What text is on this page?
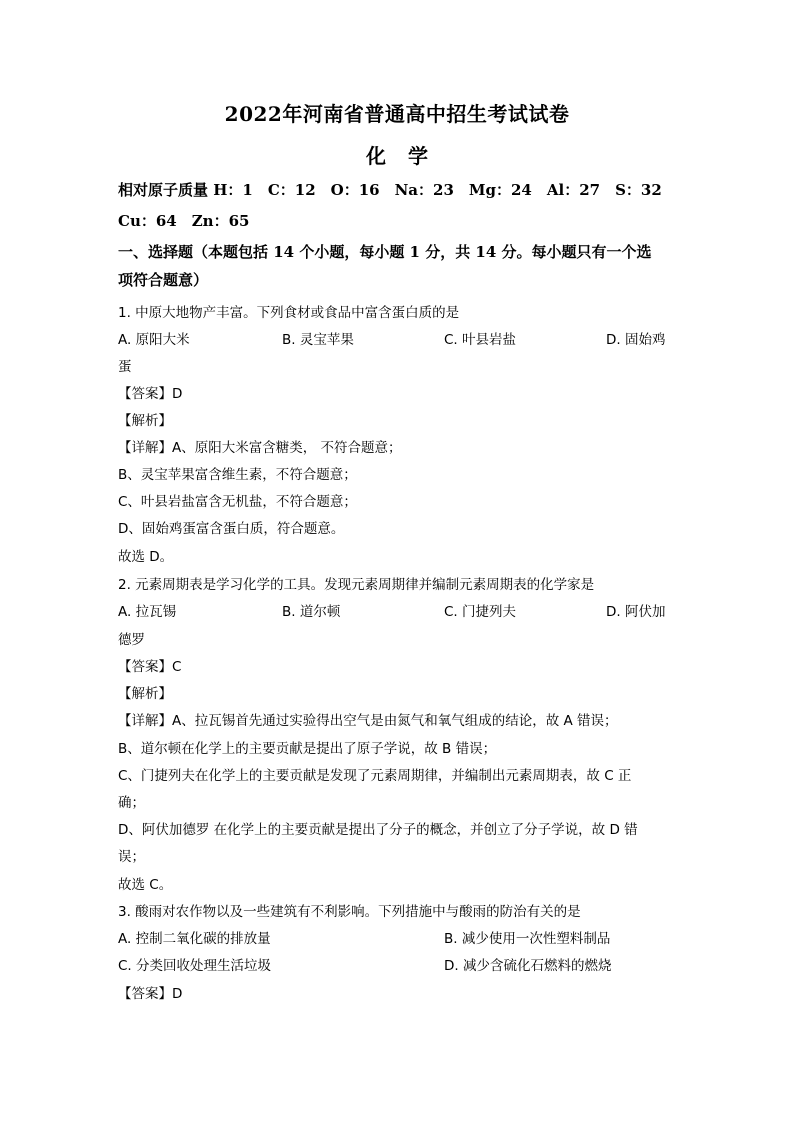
2022年河南省普通高中招生考试试卷
化学
相对原子质量 H：1　C：12　O：16　Na：23　Mg：24　Al：27　S：32
Cu：64　Zn：65
一、选择题（本题包括 14 个小题，每小题 1 分，共 14 分。每小题只有一个选
项符合题意）
1. 中原大地物产丰富。下列食材或食品中富含蛋白质的是
A. 原阳大米	B. 灵宝苹果	C. 叶县岩盐	D. 固始鸡
蛋
【答案】D
【解析】
【详解】A、原阳大米富含糖类， 不符合题意；
B、灵宝苹果富含维生素，不符合题意；
C、叶县岩盐富含无机盐，不符合题意；
D、固始鸡蛋富含蛋白质，符合题意。
故选 D。
2. 元素周期表是学习化学的工具。发现元素周期律并编制元素周期表的化学家是
A. 拉瓦锡	B. 道尔顿	C. 门捷列夫	D. 阿伏加
德罗
【答案】C
【解析】
【详解】A、拉瓦锡首先通过实验得出空气是由氮气和氧气组成的结论，故 A 错误；
B、道尔顿在化学上的主要贡献是提出了原子学说，故 B 错误；
C、门捷列夫在化学上的主要贡献是发现了元素周期律，并编制出元素周期表，故 C 正
确；
D、阿伏加德罗 在化学上的主要贡献是提出了分子的概念，并创立了分子学说，故 D 错
误；
故选 C。
3. 酸雨对农作物以及一些建筑有不利影响。下列措施中与酸雨的防治有关的是
A. 控制二氧化碳的排放量	B. 减少使用一次性塑料制品
C. 分类回收处理生活垃圾	D. 减少含硫化石燃料的燃烧
【答案】D
